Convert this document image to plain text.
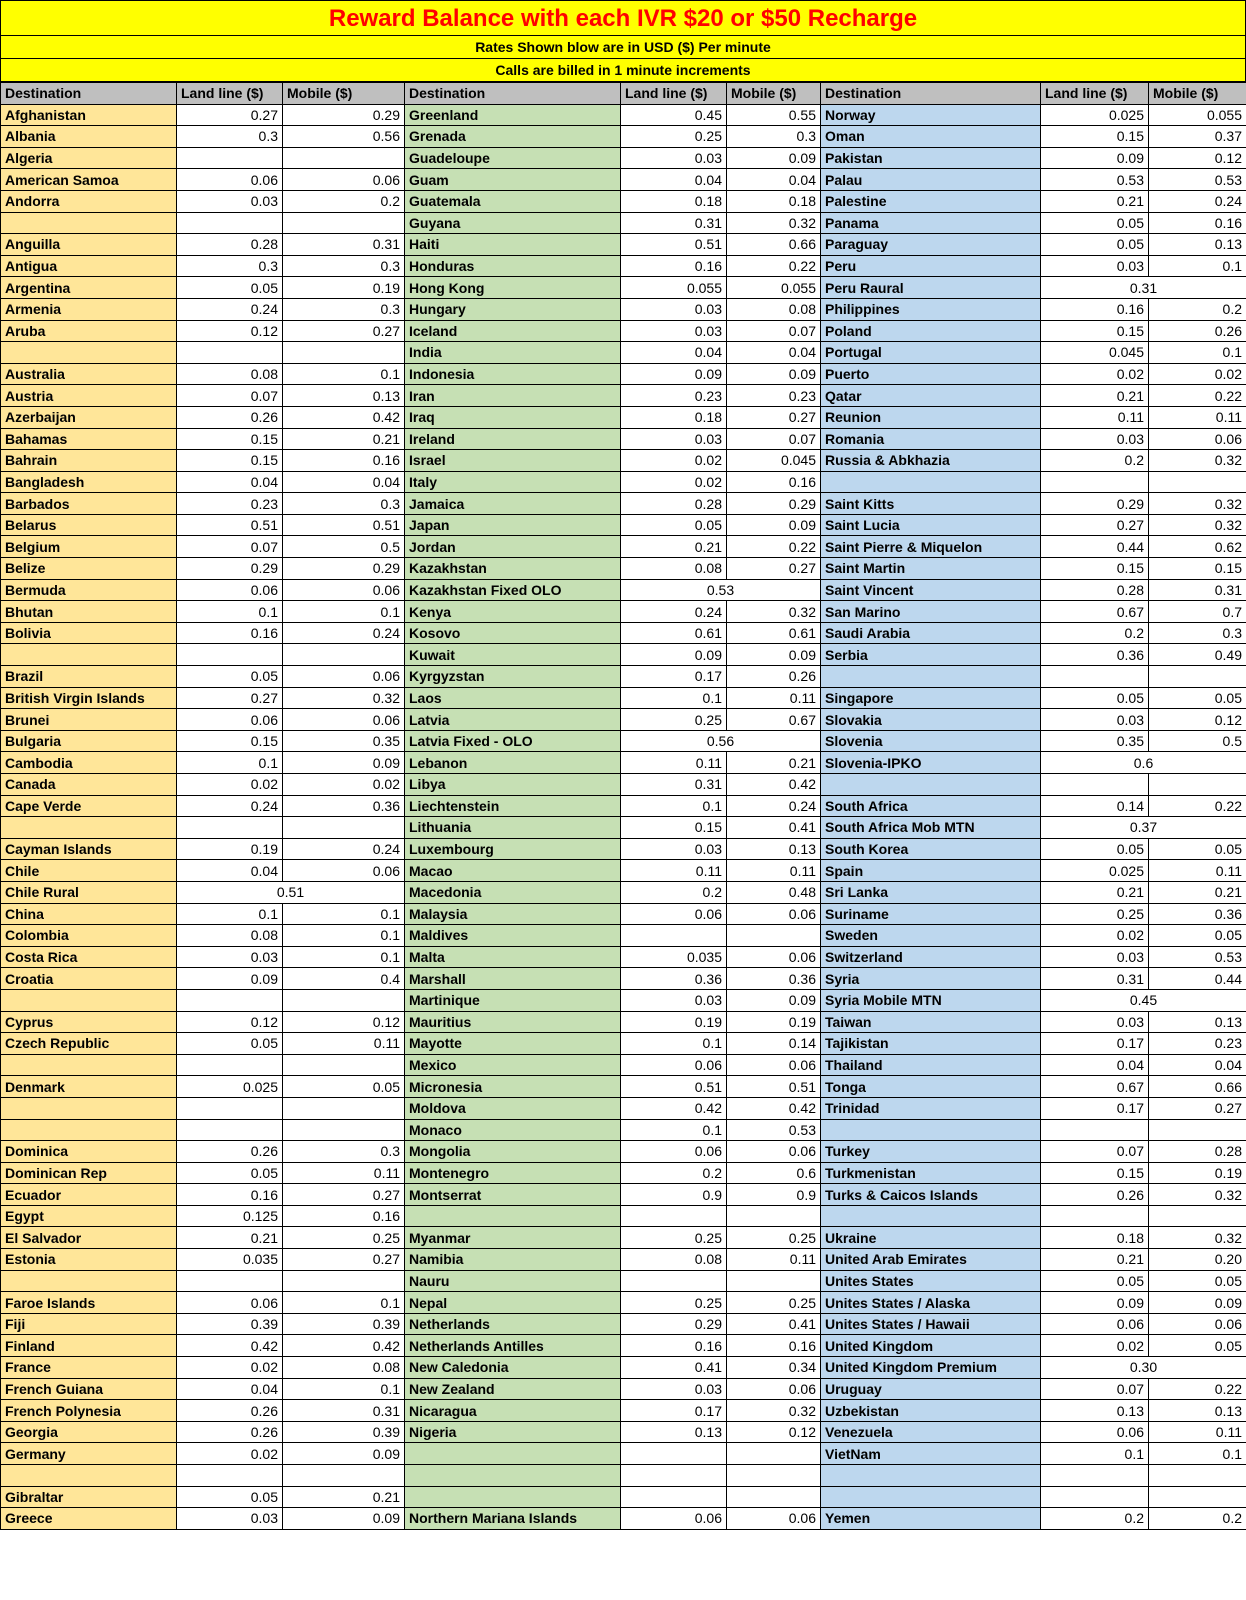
Reward Balance with each IVR $20 or $50 Recharge
Rates Shown blow are in USD ($) Per minute
Calls are billed in 1 minute increments
Destination	Land line ($)	Mobile ($)	Destination	Land line ($)	Mobile ($)	Destination	Land line ($)	Mobile ($)
Afghanistan	0.27	0.29	Greenland	0.45	0.55	Norway	0.025	0.055
Albania	0.3	0.56	Grenada	0.25	0.3	Oman	0.15	0.37
Algeria			Guadeloupe	0.03	0.09	Pakistan	0.09	0.12
American Samoa	0.06	0.06	Guam	0.04	0.04	Palau	0.53	0.53
Andorra	0.03	0.2	Guatemala	0.18	0.18	Palestine	0.21	0.24
			Guyana	0.31	0.32	Panama	0.05	0.16
Anguilla	0.28	0.31	Haiti	0.51	0.66	Paraguay	0.05	0.13
Antigua	0.3	0.3	Honduras	0.16	0.22	Peru	0.03	0.1
Argentina	0.05	0.19	Hong Kong	0.055	0.055	Peru Raural	0.31	
Armenia	0.24	0.3	Hungary	0.03	0.08	Philippines	0.16	0.2
Aruba	0.12	0.27	Iceland	0.03	0.07	Poland	0.15	0.26
			India	0.04	0.04	Portugal	0.045	0.1
Australia	0.08	0.1	Indonesia	0.09	0.09	Puerto	0.02	0.02
Austria	0.07	0.13	Iran	0.23	0.23	Qatar	0.21	0.22
Azerbaijan	0.26	0.42	Iraq	0.18	0.27	Reunion	0.11	0.11
Bahamas	0.15	0.21	Ireland	0.03	0.07	Romania	0.03	0.06
Bahrain	0.15	0.16	Israel	0.02	0.045	Russia & Abkhazia	0.2	0.32
Bangladesh	0.04	0.04	Italy	0.02	0.16			
Barbados	0.23	0.3	Jamaica	0.28	0.29	Saint Kitts	0.29	0.32
Belarus	0.51	0.51	Japan	0.05	0.09	Saint Lucia	0.27	0.32
Belgium	0.07	0.5	Jordan	0.21	0.22	Saint Pierre & Miquelon	0.44	0.62
Belize	0.29	0.29	Kazakhstan	0.08	0.27	Saint Martin	0.15	0.15
Bermuda	0.06	0.06	Kazakhstan Fixed OLO	0.53		Saint Vincent	0.28	0.31
Bhutan	0.1	0.1	Kenya	0.24	0.32	San Marino	0.67	0.7
Bolivia	0.16	0.24	Kosovo	0.61	0.61	Saudi Arabia	0.2	0.3
			Kuwait	0.09	0.09	Serbia	0.36	0.49
Brazil	0.05	0.06	Kyrgyzstan	0.17	0.26			
British Virgin Islands	0.27	0.32	Laos	0.1	0.11	Singapore	0.05	0.05
Brunei	0.06	0.06	Latvia	0.25	0.67	Slovakia	0.03	0.12
Bulgaria	0.15	0.35	Latvia Fixed - OLO	0.56		Slovenia	0.35	0.5
Cambodia	0.1	0.09	Lebanon	0.11	0.21	Slovenia-IPKO	0.6	
Canada	0.02	0.02	Libya	0.31	0.42			
Cape Verde	0.24	0.36	Liechtenstein	0.1	0.24	South Africa	0.14	0.22
			Lithuania	0.15	0.41	South Africa Mob MTN	0.37	
Cayman Islands	0.19	0.24	Luxembourg	0.03	0.13	South Korea	0.05	0.05
Chile	0.04	0.06	Macao	0.11	0.11	Spain	0.025	0.11
Chile Rural	0.51		Macedonia	0.2	0.48	Sri Lanka	0.21	0.21
China	0.1	0.1	Malaysia	0.06	0.06	Suriname	0.25	0.36
Colombia	0.08	0.1	Maldives			Sweden	0.02	0.05
Costa Rica	0.03	0.1	Malta	0.035	0.06	Switzerland	0.03	0.53
Croatia	0.09	0.4	Marshall	0.36	0.36	Syria	0.31	0.44
			Martinique	0.03	0.09	Syria Mobile MTN	0.45	
Cyprus	0.12	0.12	Mauritius	0.19	0.19	Taiwan	0.03	0.13
Czech Republic	0.05	0.11	Mayotte	0.1	0.14	Tajikistan	0.17	0.23
			Mexico	0.06	0.06	Thailand	0.04	0.04
Denmark	0.025	0.05	Micronesia	0.51	0.51	Tonga	0.67	0.66
			Moldova	0.42	0.42	Trinidad	0.17	0.27
			Monaco	0.1	0.53			
Dominica	0.26	0.3	Mongolia	0.06	0.06	Turkey	0.07	0.28
Dominican Rep	0.05	0.11	Montenegro	0.2	0.6	Turkmenistan	0.15	0.19
Ecuador	0.16	0.27	Montserrat	0.9	0.9	Turks & Caicos Islands	0.26	0.32
Egypt	0.125	0.16						
El Salvador	0.21	0.25	Myanmar	0.25	0.25	Ukraine	0.18	0.32
Estonia	0.035	0.27	Namibia	0.08	0.11	United Arab Emirates	0.21	0.20
			Nauru			Unites States	0.05	0.05
Faroe Islands	0.06	0.1	Nepal	0.25	0.25	Unites States / Alaska	0.09	0.09
Fiji	0.39	0.39	Netherlands	0.29	0.41	Unites States / Hawaii	0.06	0.06
Finland	0.42	0.42	Netherlands Antilles	0.16	0.16	United Kingdom	0.02	0.05
France	0.02	0.08	New Caledonia	0.41	0.34	United Kingdom Premium	0.30	
French Guiana	0.04	0.1	New Zealand	0.03	0.06	Uruguay	0.07	0.22
French Polynesia	0.26	0.31	Nicaragua	0.17	0.32	Uzbekistan	0.13	0.13
Georgia	0.26	0.39	Nigeria	0.13	0.12	Venezuela	0.06	0.11
Germany	0.02	0.09				VietNam	0.1	0.1

Gibraltar	0.05	0.21						
Greece	0.03	0.09	Northern Mariana Islands	0.06	0.06	Yemen	0.2	0.2
